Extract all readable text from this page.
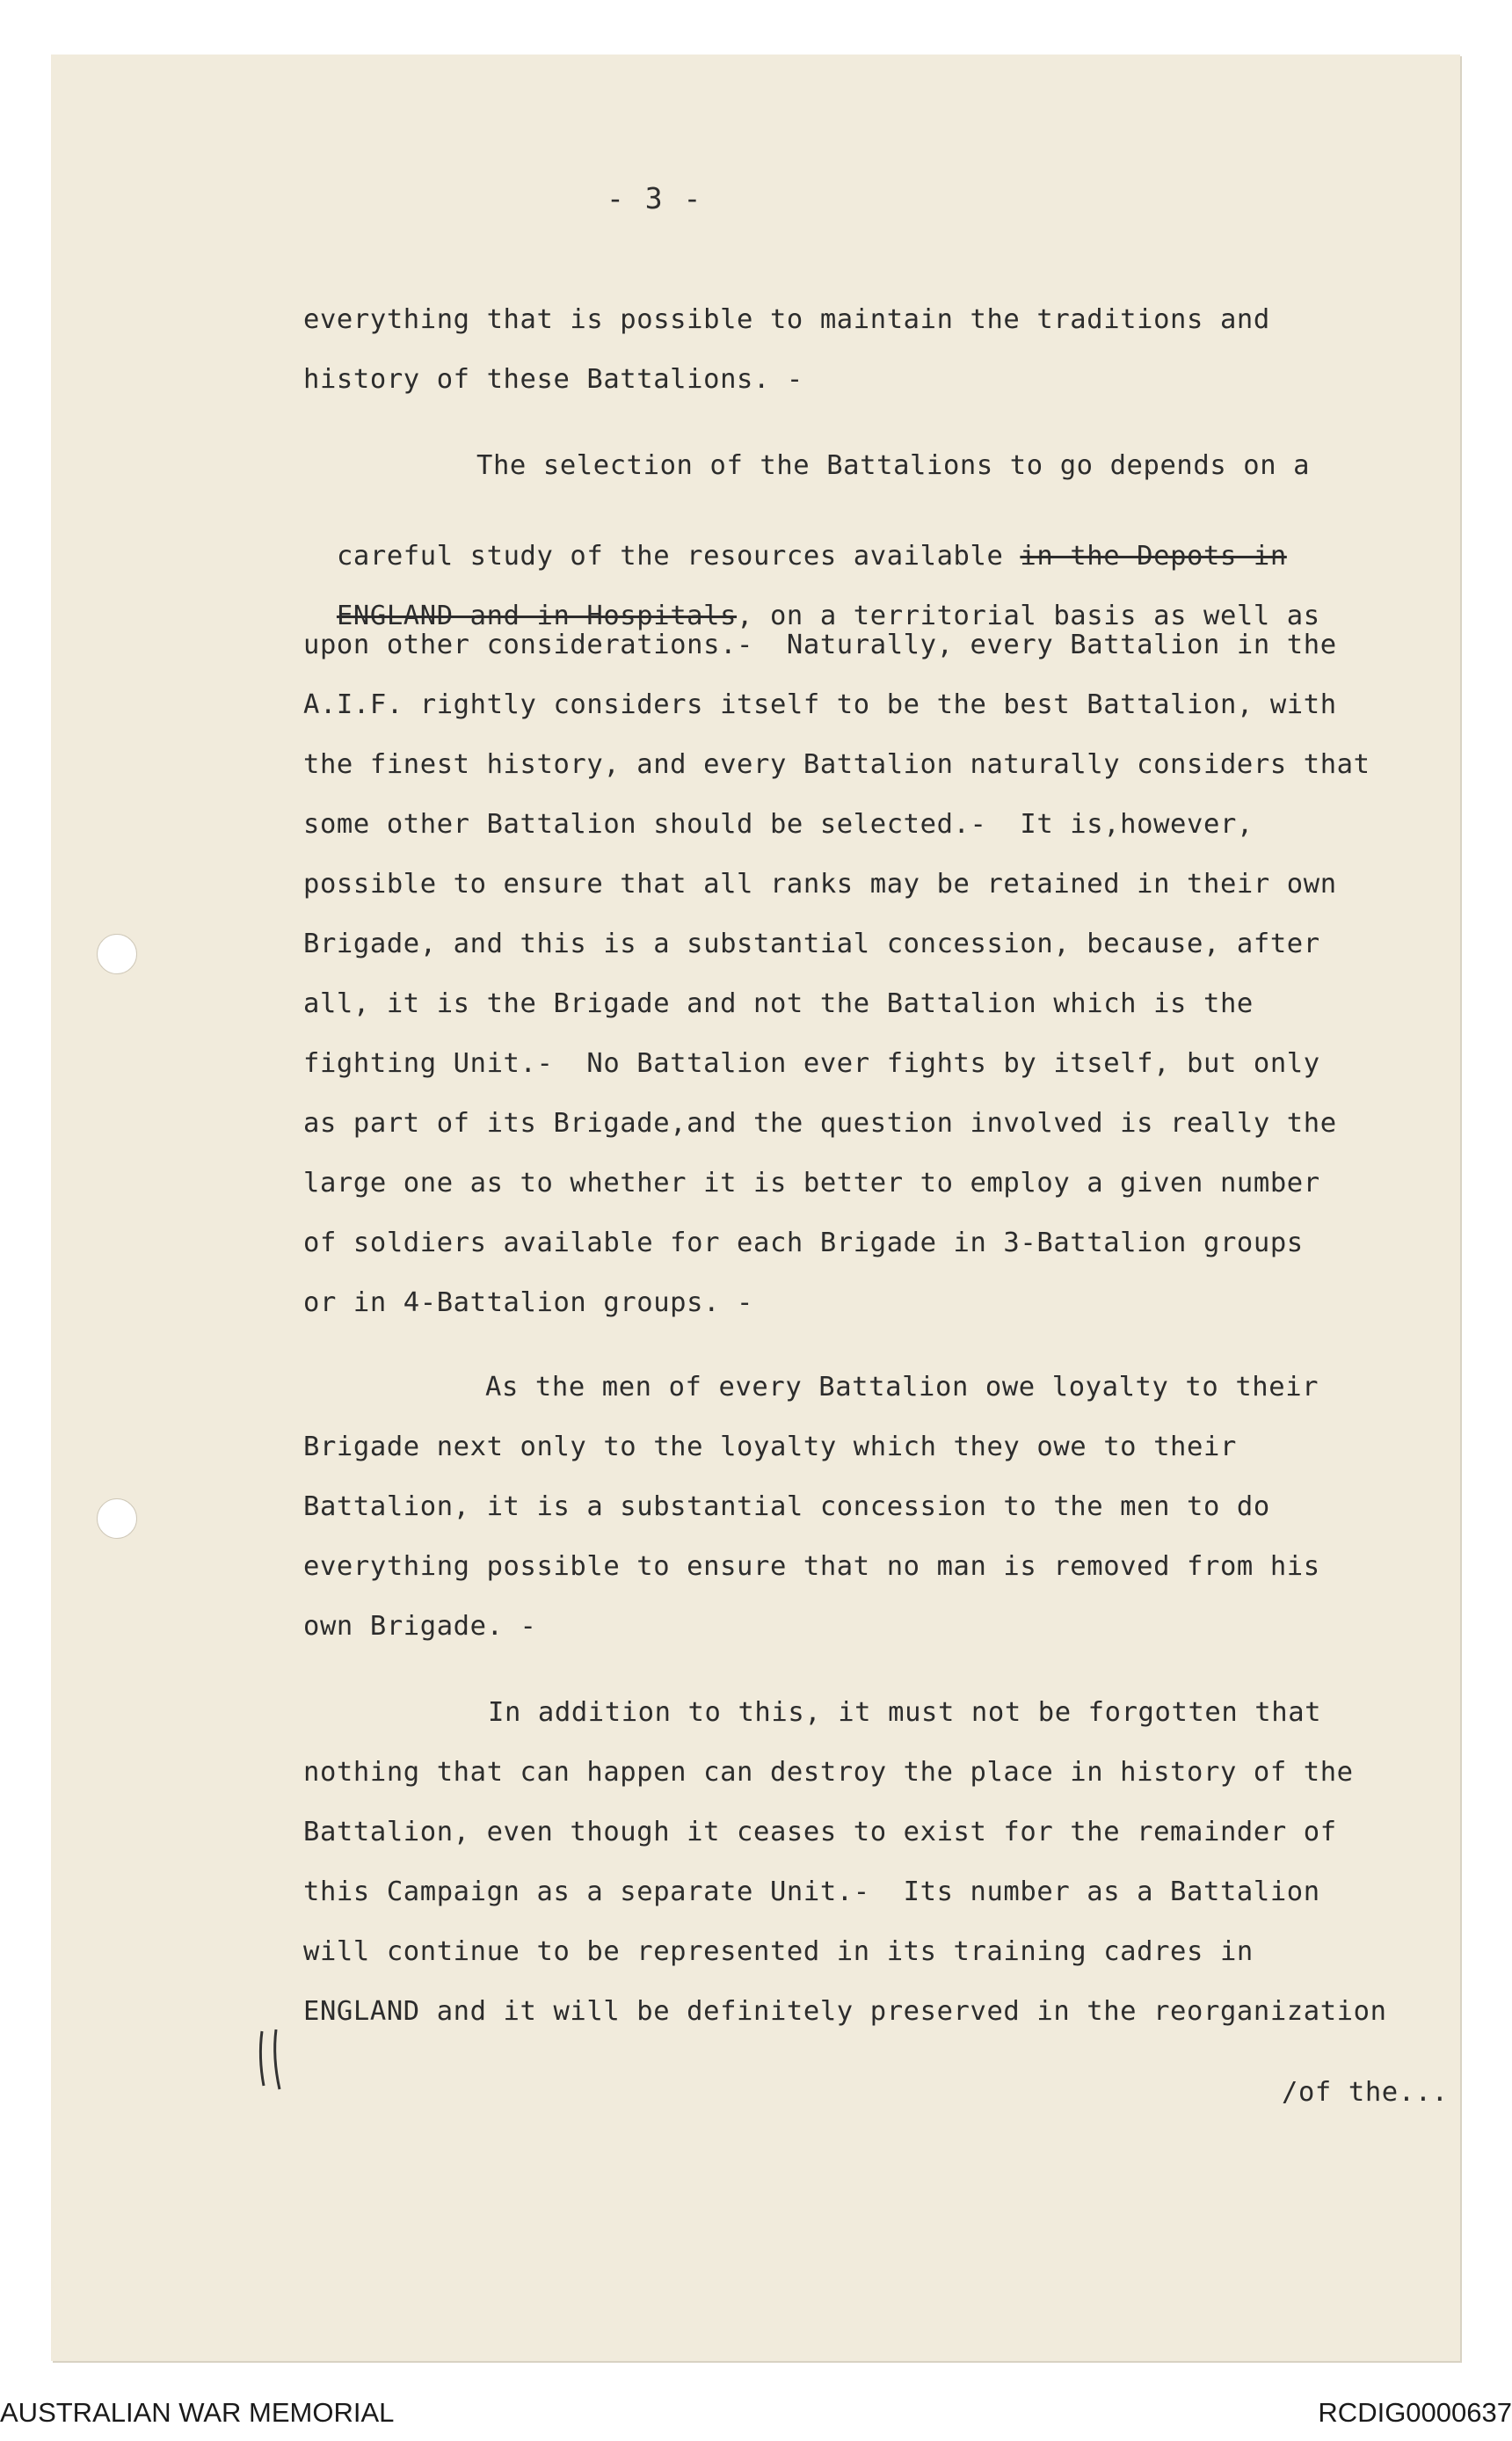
- 3 -
everything that is possible to maintain the traditions and
history of these Battalions. -
The selection of the Battalions to go depends on a

careful study of the resources available in the Depots in

ENGLAND and in Hospitals, on a territorial basis as well as

upon other considerations.-  Naturally, every Battalion in the
A.I.F. rightly considers itself to be the best Battalion, with
the finest history, and every Battalion naturally considers that
some other Battalion should be selected.-  It is,however,
possible to ensure that all ranks may be retained in their own
Brigade, and this is a substantial concession, because, after
all, it is the Brigade and not the Battalion which is the
fighting Unit.-  No Battalion ever fights by itself, but only
as part of its Brigade,and the question involved is really the
large one as to whether it is better to employ a given number
of soldiers available for each Brigade in 3-Battalion groups
or in 4-Battalion groups. -
As the men of every Battalion owe loyalty to their
Brigade next only to the loyalty which they owe to their
Battalion, it is a substantial concession to the men to do
everything possible to ensure that no man is removed from his
own Brigade. -
In addition to this, it must not be forgotten that
nothing that can happen can destroy the place in history of the
Battalion, even though it ceases to exist for the remainder of
this Campaign as a separate Unit.-  Its number as a Battalion
will continue to be represented in its training cadres in
ENGLAND and it will be definitely preserved in the reorganization
/of the...
AUSTRALIAN WAR MEMORIAL	RCDIG0000637
